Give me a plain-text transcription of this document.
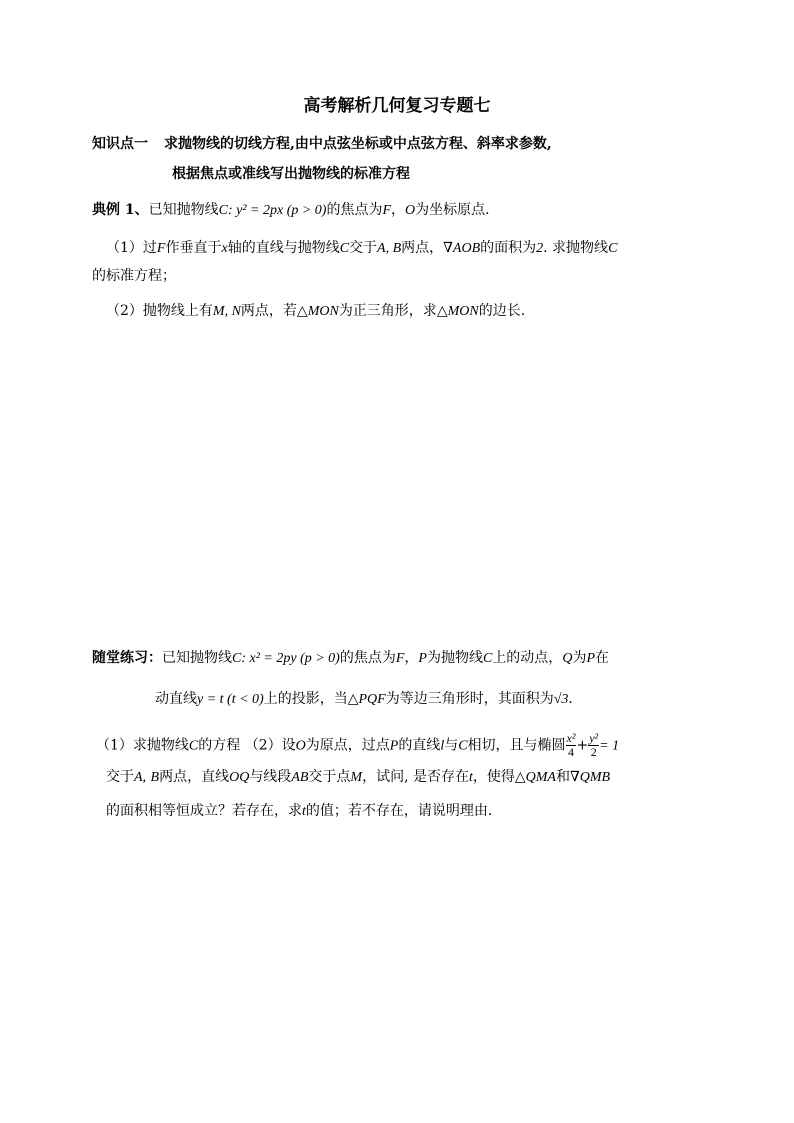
高考解析几何复习专题七
知识点一 求抛物线的切线方程,由中点弦坐标或中点弦方程、斜率求参数,
根据焦点或准线写出抛物线的标准方程
典例 1、已知抛物线C: y² = 2px (p > 0)的焦点为F，O为坐标原点.
（1）过F作垂直于x轴的直线与抛物线C交于A, B两点，∇AOB的面积为2. 求抛物线C
的标准方程；
（2）抛物线上有M, N两点，若△MON为正三角形，求△MON的边长.
随堂练习：已知抛物线C: x² = 2py (p > 0)的焦点为F，P为抛物线C上的动点，Q为P在
动直线y = t (t < 0)上的投影，当△PQF为等边三角形时，其面积为√3.
（1）求抛物线C的方程 （2）设O为原点，过点P的直线l与C相切，且与椭圆 $\frac{\text{x²}}{4} + \frac{\text{y²}}{2} = 1$
交于A, B两点，直线OQ与线段AB交于点M，试问, 是否存在t，使得△QMA和∇QMB
的面积相等恒成立？若存在，求t的值；若不存在，请说明理由.
